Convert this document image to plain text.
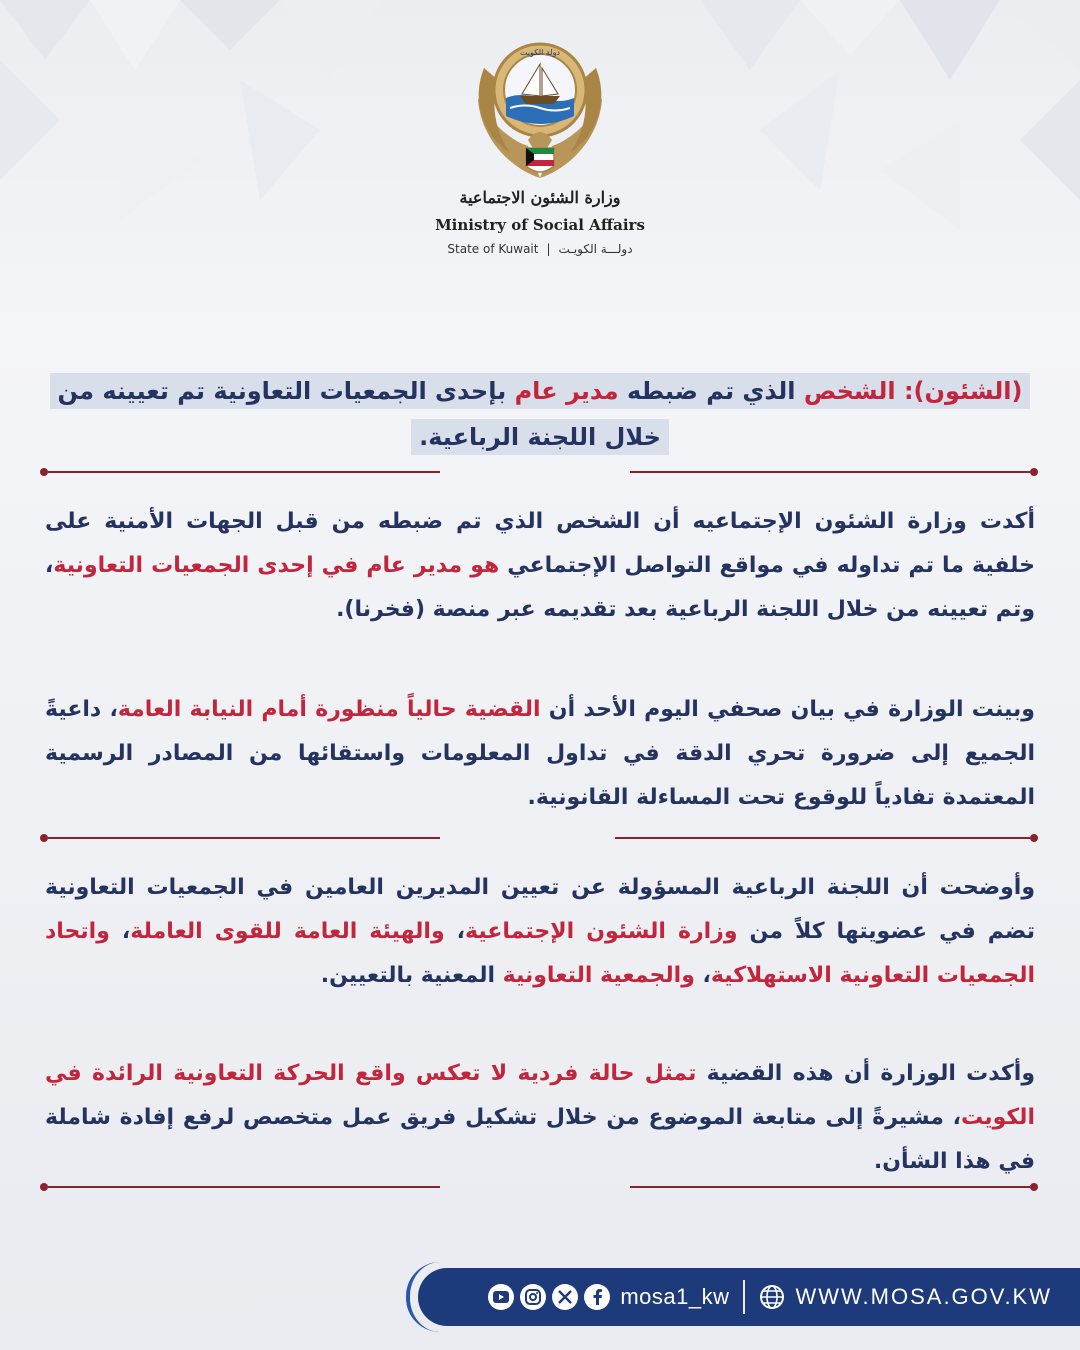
دولة الكويت
وزارة الشئون الاجتماعية
Ministry of Social Affairs
State of Kuwait | دولـــة الكويـت
(الشئون): الشخص الذي تم ضبطه مدير عام بإحدى الجمعيات التعاونية تم تعيينه من خلال اللجنة الرباعية.
أكدت وزارة الشئون الإجتماعيه أن الشخص الذي تم ضبطه من قبل الجهات الأمنية على خلفية ما تم تداوله في مواقع التواصل الإجتماعي هو مدير عام في إحدى الجمعيات التعاونية، وتم تعيينه من خلال اللجنة الرباعية بعد تقديمه عبر منصة (فخرنا).
وبينت الوزارة في بيان صحفي اليوم الأحد أن القضية حالياً منظورة أمام النيابة العامة، داعيةً الجميع إلى ضرورة تحري الدقة في تداول المعلومات واستقائها من المصادر الرسمية المعتمدة تفادياً للوقوع تحت المساءلة القانونية.
وأوضحت أن اللجنة الرباعية المسؤولة عن تعيين المديرين العامين في الجمعيات التعاونية تضم في عضويتها كلاً من وزارة الشئون الإجتماعية، والهيئة العامة للقوى العاملة، واتحاد الجمعيات التعاونية الاستهلاكية، والجمعية التعاونية المعنية بالتعيين.
وأكدت الوزارة أن هذه القضية تمثل حالة فردية لا تعكس واقع الحركة التعاونية الرائدة في الكويت، مشيرةً إلى متابعة الموضوع من خلال تشكيل فريق عمل متخصص لرفع إفادة شاملة في هذا الشأن.
mosa1_kw	WWW.MOSA.GOV.KW
